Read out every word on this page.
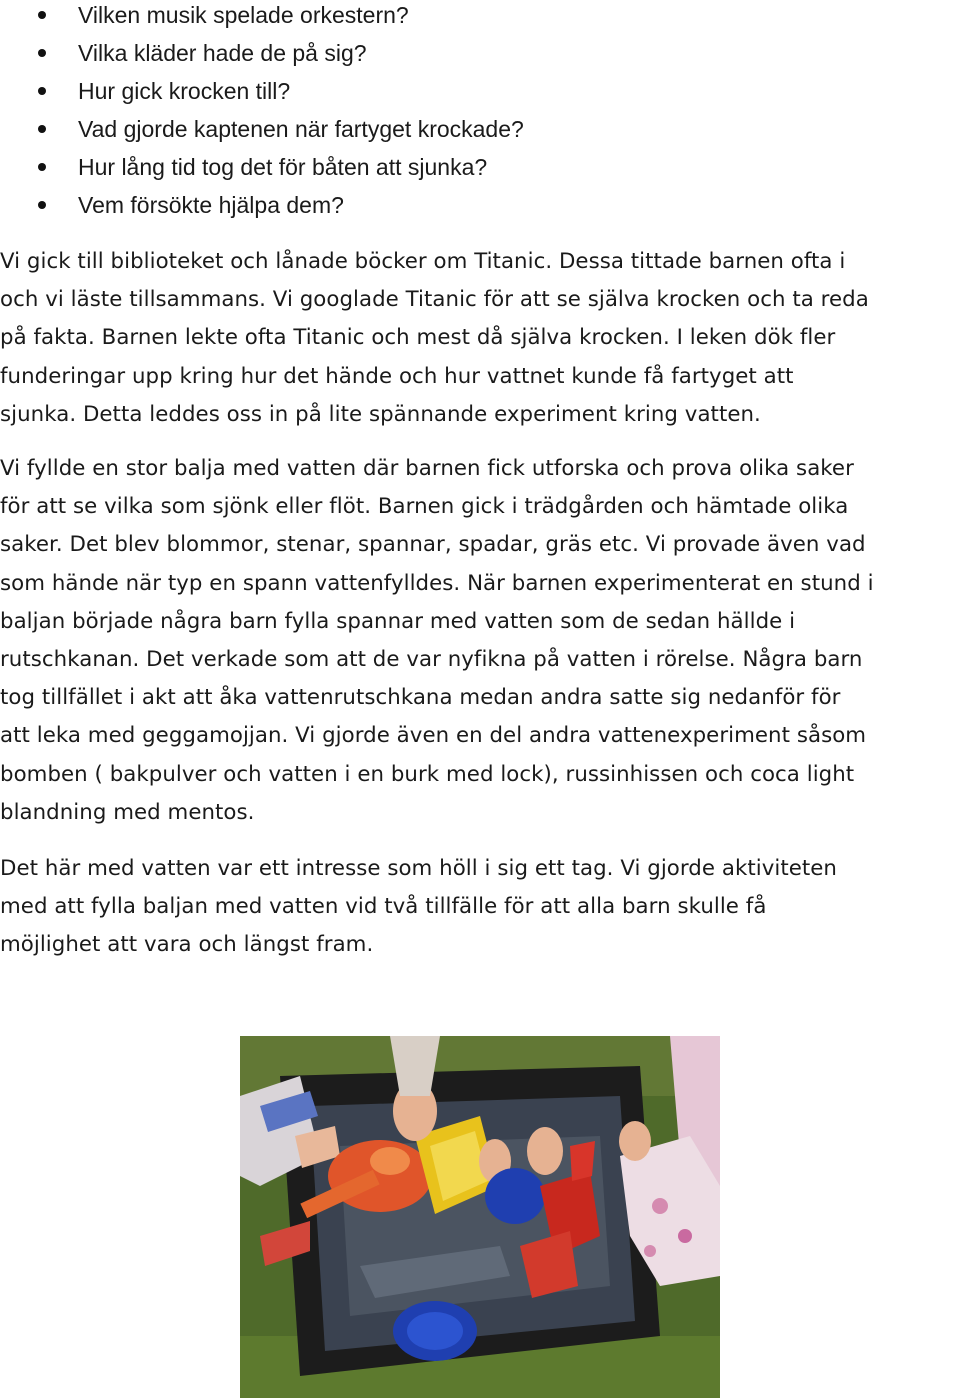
Vilken musik spelade orkestern?
Vilka kläder hade de på sig?
Hur gick krocken till?
Vad gjorde kaptenen när fartyget krockade?
Hur lång tid tog det för båten att sjunka?
Vem försökte hjälpa dem?

Vi gick till biblioteket och lånade böcker om Titanic. Dessa tittade barnen ofta i
och vi läste tillsammans. Vi googlade Titanic för att se själva krocken och ta reda
på fakta. Barnen lekte ofta Titanic och mest då själva krocken. I leken dök fler
funderingar upp kring hur det hände och hur vattnet kunde få fartyget att
sjunka. Detta leddes oss in på lite spännande experiment kring vatten.

Vi fyllde en stor balja med vatten där barnen fick utforska och prova olika saker
för att se vilka som sjönk eller flöt. Barnen gick i trädgården och hämtade olika
saker. Det blev blommor, stenar, spannar, spadar, gräs etc. Vi provade även vad
som hände när typ en spann vattenfylldes. När barnen experimenterat en stund i
baljan började några barn fylla spannar med vatten som de sedan hällde i
rutschkanan. Det verkade som att de var nyfikna på vatten i rörelse. Några barn
tog tillfället i akt att åka vattenrutschkana medan andra satte sig nedanför för
att leka med geggamojjan. Vi gjorde även en del andra vattenexperiment såsom
bomben ( bakpulver och vatten i en burk med lock), russinhissen och coca light
blandning med mentos.

Det här med vatten var ett intresse som höll i sig ett tag. Vi gjorde aktiviteten
med att fylla baljan med vatten vid två tillfälle för att alla barn skulle få
möjlighet att vara och längst fram.
